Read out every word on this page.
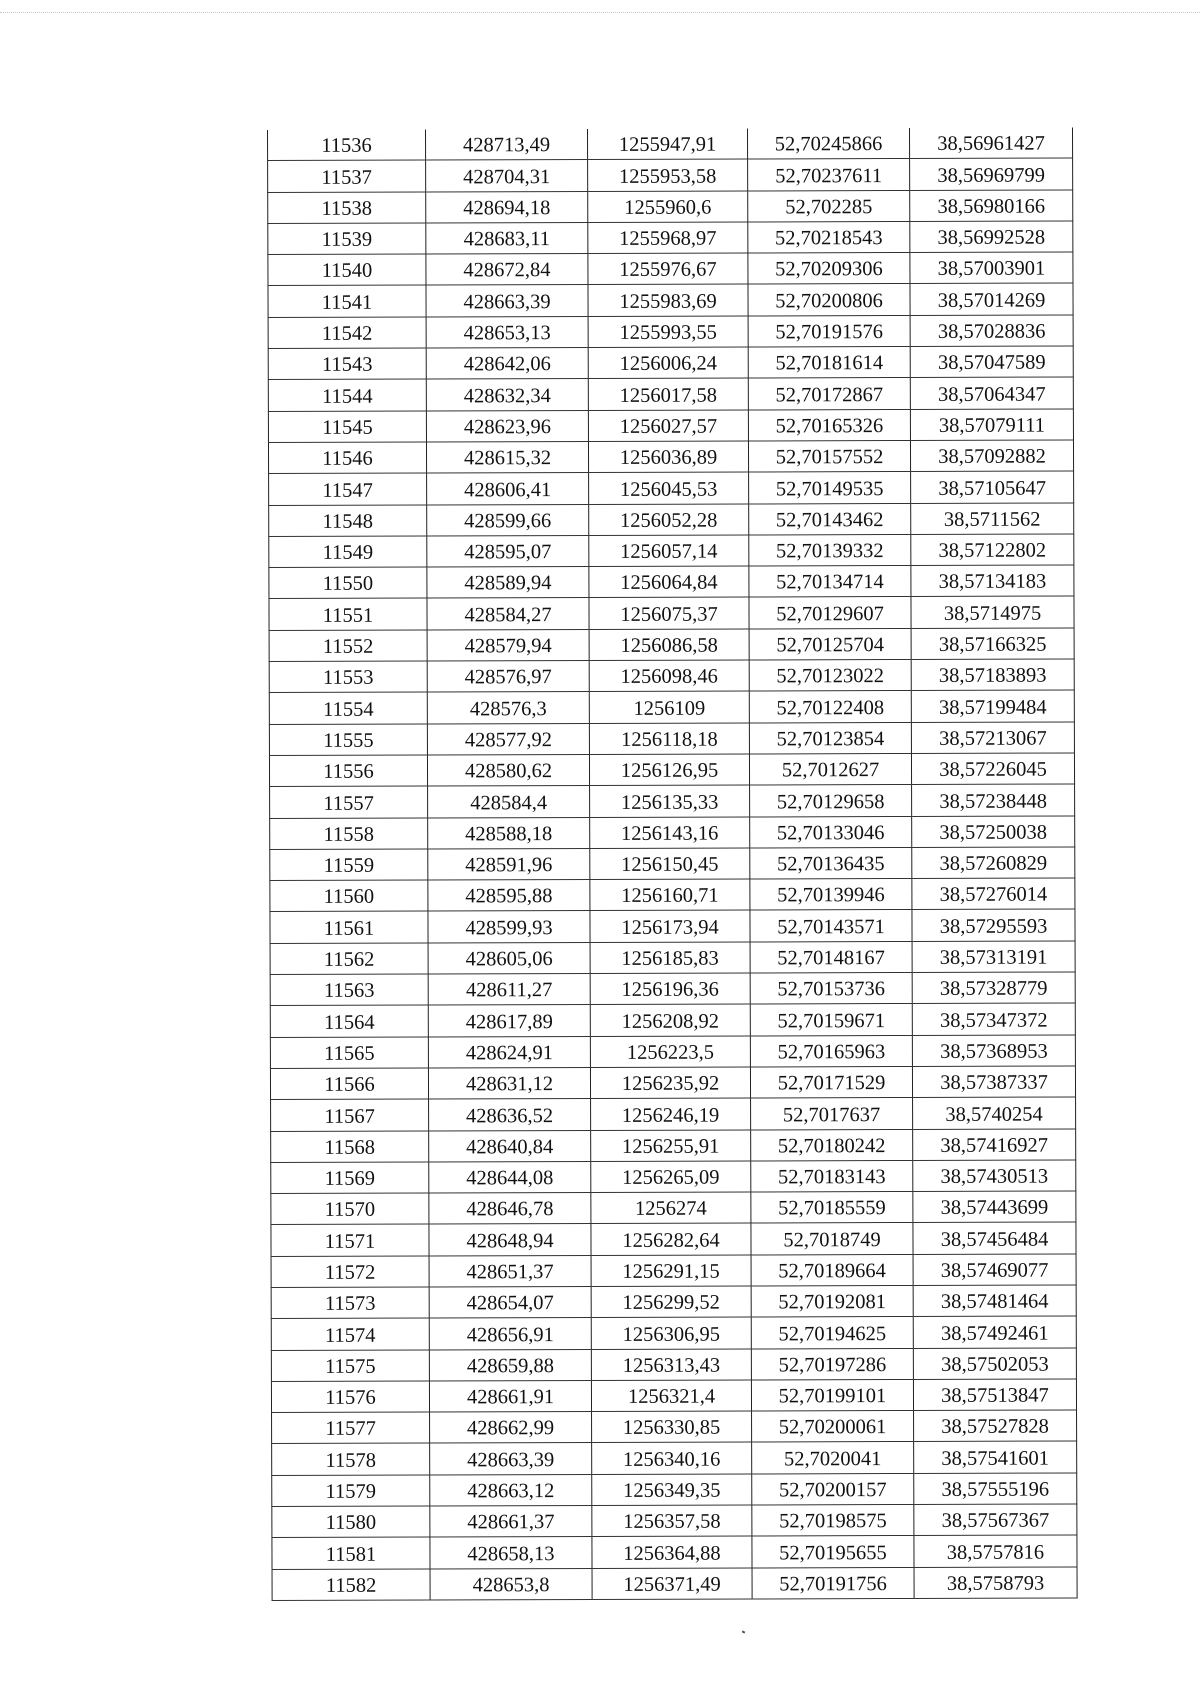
11536	428713,49	1255947,91	52,70245866	38,56961427
11537	428704,31	1255953,58	52,70237611	38,56969799
11538	428694,18	1255960,6	52,702285	38,56980166
11539	428683,11	1255968,97	52,70218543	38,56992528
11540	428672,84	1255976,67	52,70209306	38,57003901
11541	428663,39	1255983,69	52,70200806	38,57014269
11542	428653,13	1255993,55	52,70191576	38,57028836
11543	428642,06	1256006,24	52,70181614	38,57047589
11544	428632,34	1256017,58	52,70172867	38,57064347
11545	428623,96	1256027,57	52,70165326	38,57079111
11546	428615,32	1256036,89	52,70157552	38,57092882
11547	428606,41	1256045,53	52,70149535	38,57105647
11548	428599,66	1256052,28	52,70143462	38,5711562
11549	428595,07	1256057,14	52,70139332	38,57122802
11550	428589,94	1256064,84	52,70134714	38,57134183
11551	428584,27	1256075,37	52,70129607	38,5714975
11552	428579,94	1256086,58	52,70125704	38,57166325
11553	428576,97	1256098,46	52,70123022	38,57183893
11554	428576,3	1256109	52,70122408	38,57199484
11555	428577,92	1256118,18	52,70123854	38,57213067
11556	428580,62	1256126,95	52,7012627	38,57226045
11557	428584,4	1256135,33	52,70129658	38,57238448
11558	428588,18	1256143,16	52,70133046	38,57250038
11559	428591,96	1256150,45	52,70136435	38,57260829
11560	428595,88	1256160,71	52,70139946	38,57276014
11561	428599,93	1256173,94	52,70143571	38,57295593
11562	428605,06	1256185,83	52,70148167	38,57313191
11563	428611,27	1256196,36	52,70153736	38,57328779
11564	428617,89	1256208,92	52,70159671	38,57347372
11565	428624,91	1256223,5	52,70165963	38,57368953
11566	428631,12	1256235,92	52,70171529	38,57387337
11567	428636,52	1256246,19	52,7017637	38,5740254
11568	428640,84	1256255,91	52,70180242	38,57416927
11569	428644,08	1256265,09	52,70183143	38,57430513
11570	428646,78	1256274	52,70185559	38,57443699
11571	428648,94	1256282,64	52,7018749	38,57456484
11572	428651,37	1256291,15	52,70189664	38,57469077
11573	428654,07	1256299,52	52,70192081	38,57481464
11574	428656,91	1256306,95	52,70194625	38,57492461
11575	428659,88	1256313,43	52,70197286	38,57502053
11576	428661,91	1256321,4	52,70199101	38,57513847
11577	428662,99	1256330,85	52,70200061	38,57527828
11578	428663,39	1256340,16	52,7020041	38,57541601
11579	428663,12	1256349,35	52,70200157	38,57555196
11580	428661,37	1256357,58	52,70198575	38,57567367
11581	428658,13	1256364,88	52,70195655	38,5757816
11582	428653,8	1256371,49	52,70191756	38,5758793
